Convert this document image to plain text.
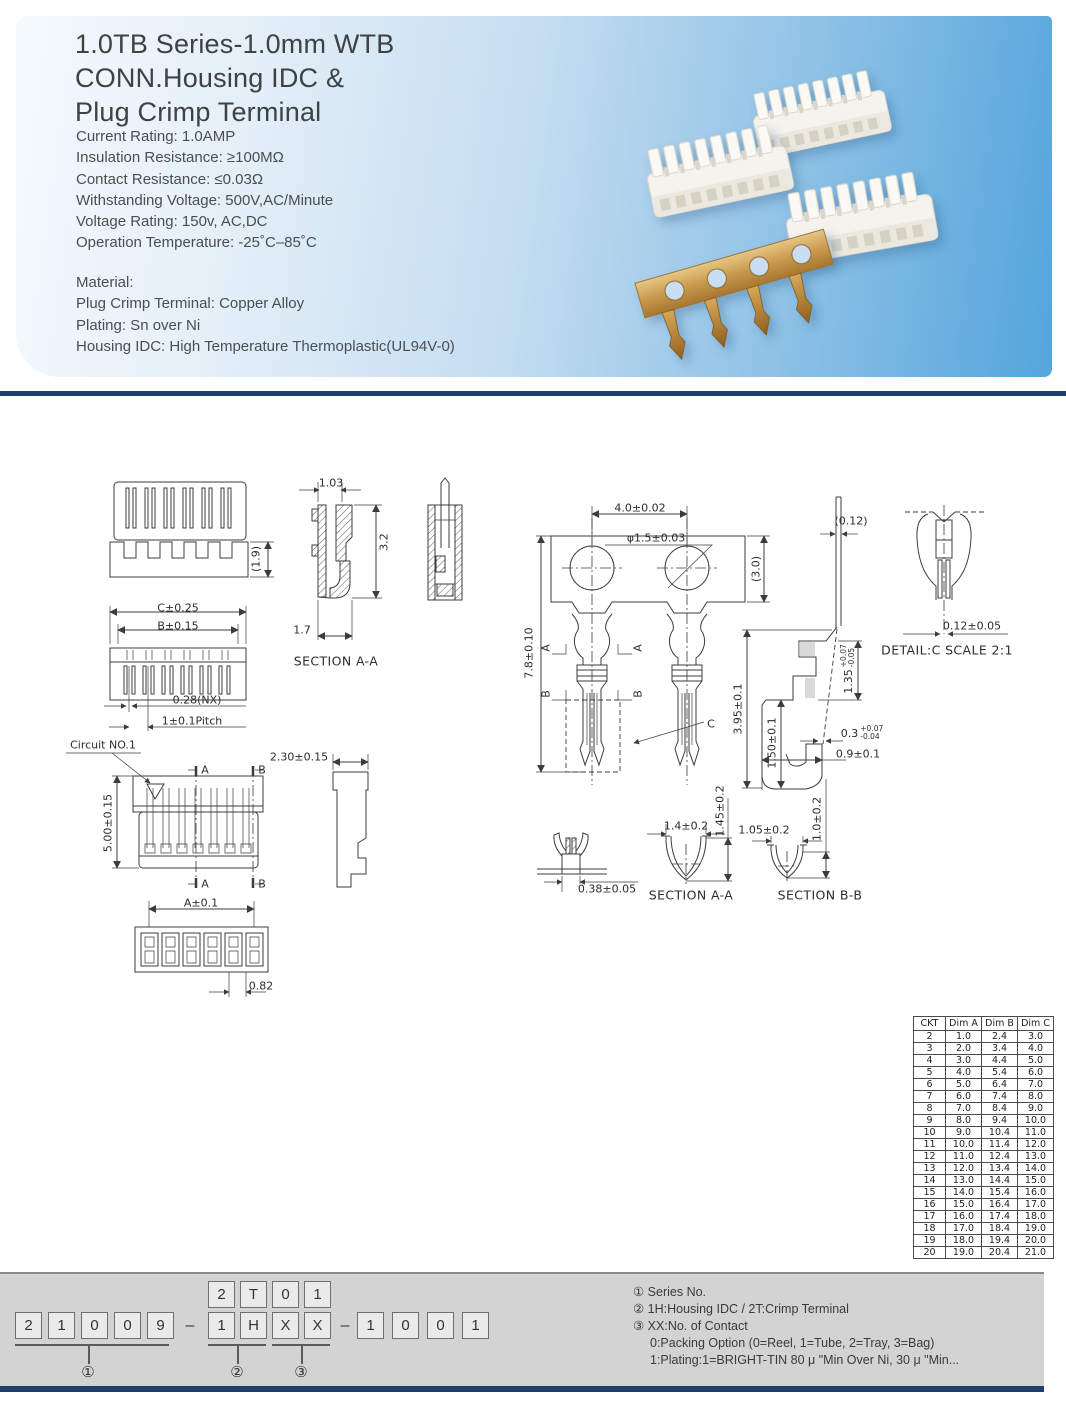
1.0TB Series-1.0mm WTB
CONN.Housing IDC &
Plug Crimp Terminal
Current Rating: 1.0AMP
Insulation Resistance: ≥100MΩ
Contact Resistance: ≤0.03Ω
Withstanding Voltage: 500V,AC/Minute
Voltage Rating: 150v, AC,DC
Operation Temperature: -25˚C–85˚C
Material:
Plug Crimp Terminal: Copper Alloy
Plating: Sn over Ni
Housing IDC: High Temperature Thermoplastic(UL94V-0)
(1.9)
C±0.25
B±0.15
0.28(NX)
1±0.1Pitch
1.03
3.2
1.7
SECTION A-A
4.0±0.02
φ1.5±0.03
(3.0)
7.8±0.10
(0.12)
3.95±0.1
1.50±0.1	0.9±0.1
0.12±0.05
DETAIL:C SCALE 2:1
Circuit NO.1
2.30±0.15
5.00±0.15
A
A
B
B
A	A
B	B
C
A±0.1
0.82
0.38±0.05
1.4±0.2 1.45±0.2
SECTION A-A
1.05±0.2 1.0±0.2
SECTION B-B
1.35
+0.07 -0.05
0.3 +0.07
-0.04
CKT	Dim A	Dim B	Dim C
2	1.0	2.4	3.0
3	2.0	3.4	4.0
4	3.0	4.4	5.0
5	4.0	5.4	6.0
6	5.0	6.4	7.0
7	6.0	7.4	8.0
8	7.0	8.4	9.0
9	8.0	9.4	10.0
10	9.0	10.4	11.0
11	10.0	11.4	12.0
12	11.0	12.4	13.0
13	12.0	13.4	14.0
14	13.0	14.4	15.0
15	14.0	15.4	16.0
16	15.0	16.4	17.0
17	16.0	17.4	18.0
18	17.0	18.4	19.0
19	18.0	19.4	20.0
20	19.0	20.4	21.0
2	T	0	1
2	1	0	0	9	1	H	X	X	1	0	0	1
–	–
①	②	③
① Series No.
② 1H:Housing IDC / 2T:Crimp Terminal
③ XX:No. of Contact
0:Packing Option (0=Reel, 1=Tube, 2=Tray, 3=Bag)
1:Plating:1=BRIGHT-TIN 80 μ "Min Over Ni, 30 μ "Min...
